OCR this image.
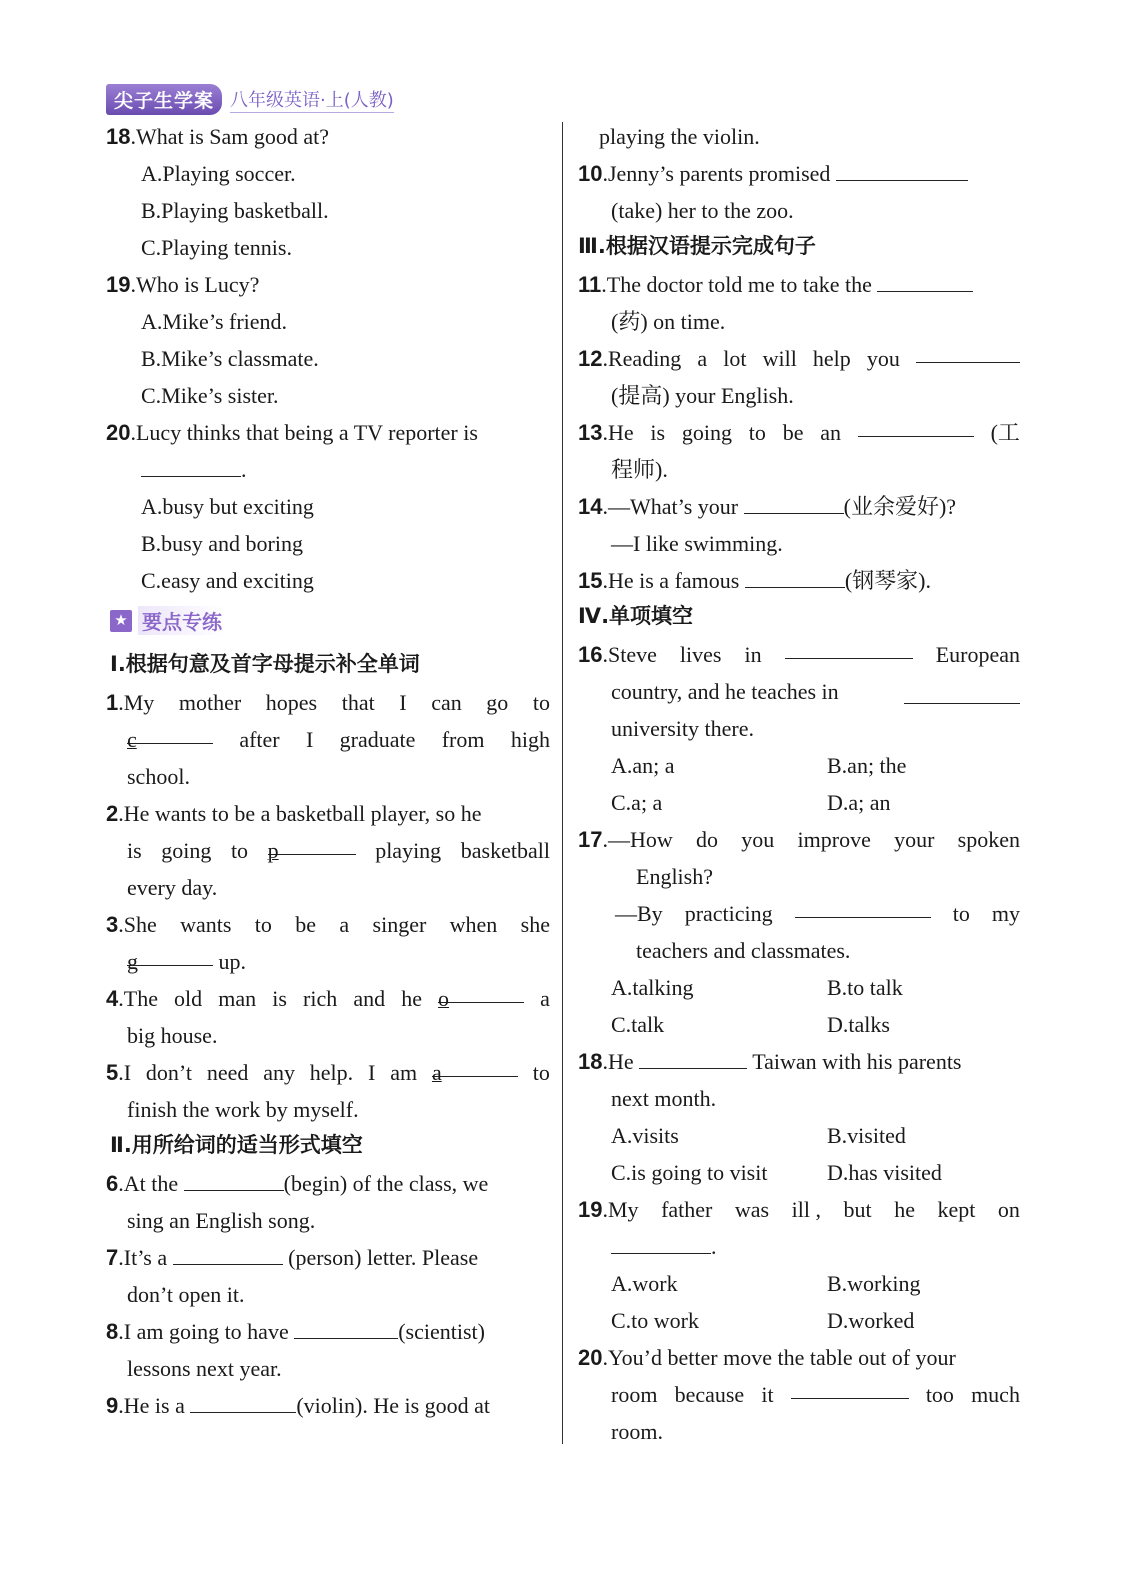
尖子生学案 八年级英语·上(人教)
18.What is Sam good at?
A.Playing soccer.
B.Playing basketball.
C.Playing tennis.
19.Who is Lucy?
A.Mike’s friend.
B.Mike’s classmate.
C.Mike’s sister.
20.Lucy thinks that being a TV reporter is
.
A.busy but exciting
B.busy and boring
C.easy and exciting
★ 要点专练
Ⅰ.根据句意及首字母提示补全单词
1.My mother hopes that I can go to
c	after I graduate from high
school.
2.He wants to be a basketball player, so he
is going to p	playing basketball
every day.
3.She wants to be a singer when she
g	up.
4.The old man is rich and he o	a
big house.
5.I don’t need any help. I am a	to
finish the work by myself.
Ⅱ.用所给词的适当形式填空
6.At the	(begin) of the class, we
sing an English song.
7.It’s a	(person) letter. Please
don’t open it.
8.I am going to have	(scientist)
lessons next year.
9.He is a	(violin). He is good at
playing the violin.
10.Jenny’s parents promised
(take) her to the zoo.
Ⅲ.根据汉语提示完成句子
11.The doctor told me to take the
(药) on time.
12.Reading a lot will help you
(提高) your English.
13.He is going to be an	(工
程师).
14.—What’s your	(业余爱好)?
—I like swimming.
15.He is a famous	(钢琴家).
Ⅳ.单项填空
16.Steve lives in	European
country, and he teaches in
university there.
A.an; a	B.an; the
C.a; a	D.a; an
17.—How do you improve your spoken
English?
—By practicing	to my
teachers and classmates.
A.talking	B.to talk
C.talk	D.talks
18.He	Taiwan with his parents
next month.
A.visits	B.visited
C.is going to visit	D.has visited
19.My father was ill , but he kept on
.
A.work	B.working
C.to work	D.worked
20.You’d better move the table out of your
room because it	too much
room.
